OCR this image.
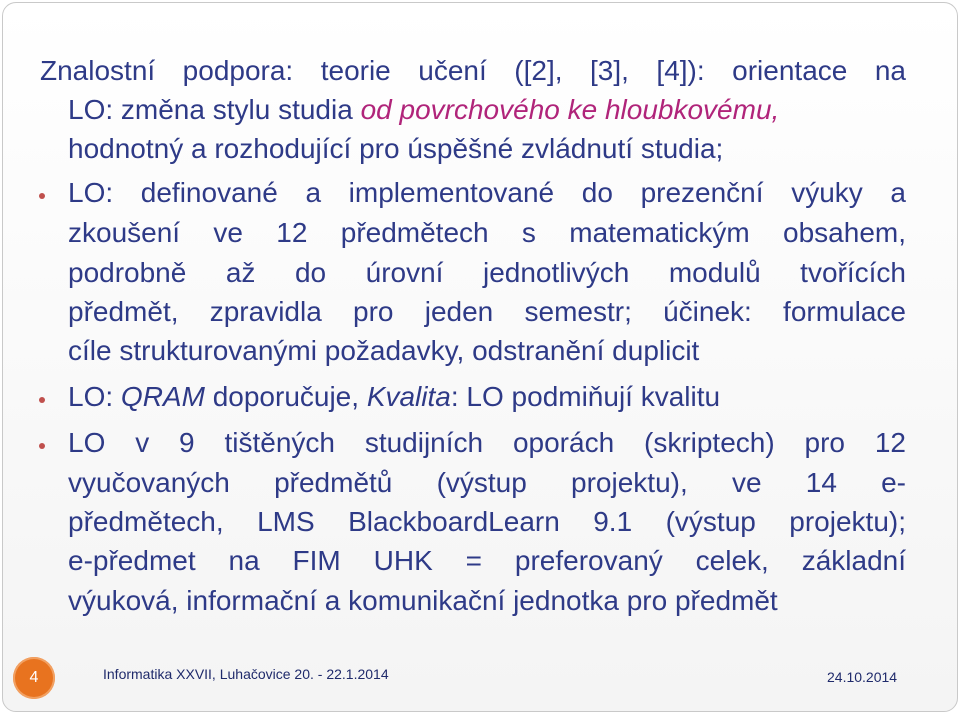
Znalostní podpora: teorie učení ([2], [3], [4]): orientace na
LO: změna stylu studia od povrchového ke hloubkovému,
hodnotný a rozhodující pro úspěšné zvládnutí studia;
LO: definované a implementované do prezenční výuky a
zkoušení ve 12 předmětech s matematickým obsahem,
podrobně až do úrovní jednotlivých modulů tvořících
předmět, zpravidla pro jeden semestr; účinek: formulace
cíle strukturovanými požadavky, odstranění duplicit
LO: QRAM doporučuje, Kvalita: LO podmiňují kvalitu
LO v 9 tištěných studijních oporách (skriptech) pro 12
vyučovaných předmětů (výstup projektu), ve 14 e-
předmětech, LMS BlackboardLearn 9.1 (výstup projektu);
e-předmet na FIM UHK = preferovaný celek, základní
výuková, informační a komunikační jednotka pro předmět
4	Informatika XXVII, Luhačovice 20. - 22.1.2014	24.10.2014
